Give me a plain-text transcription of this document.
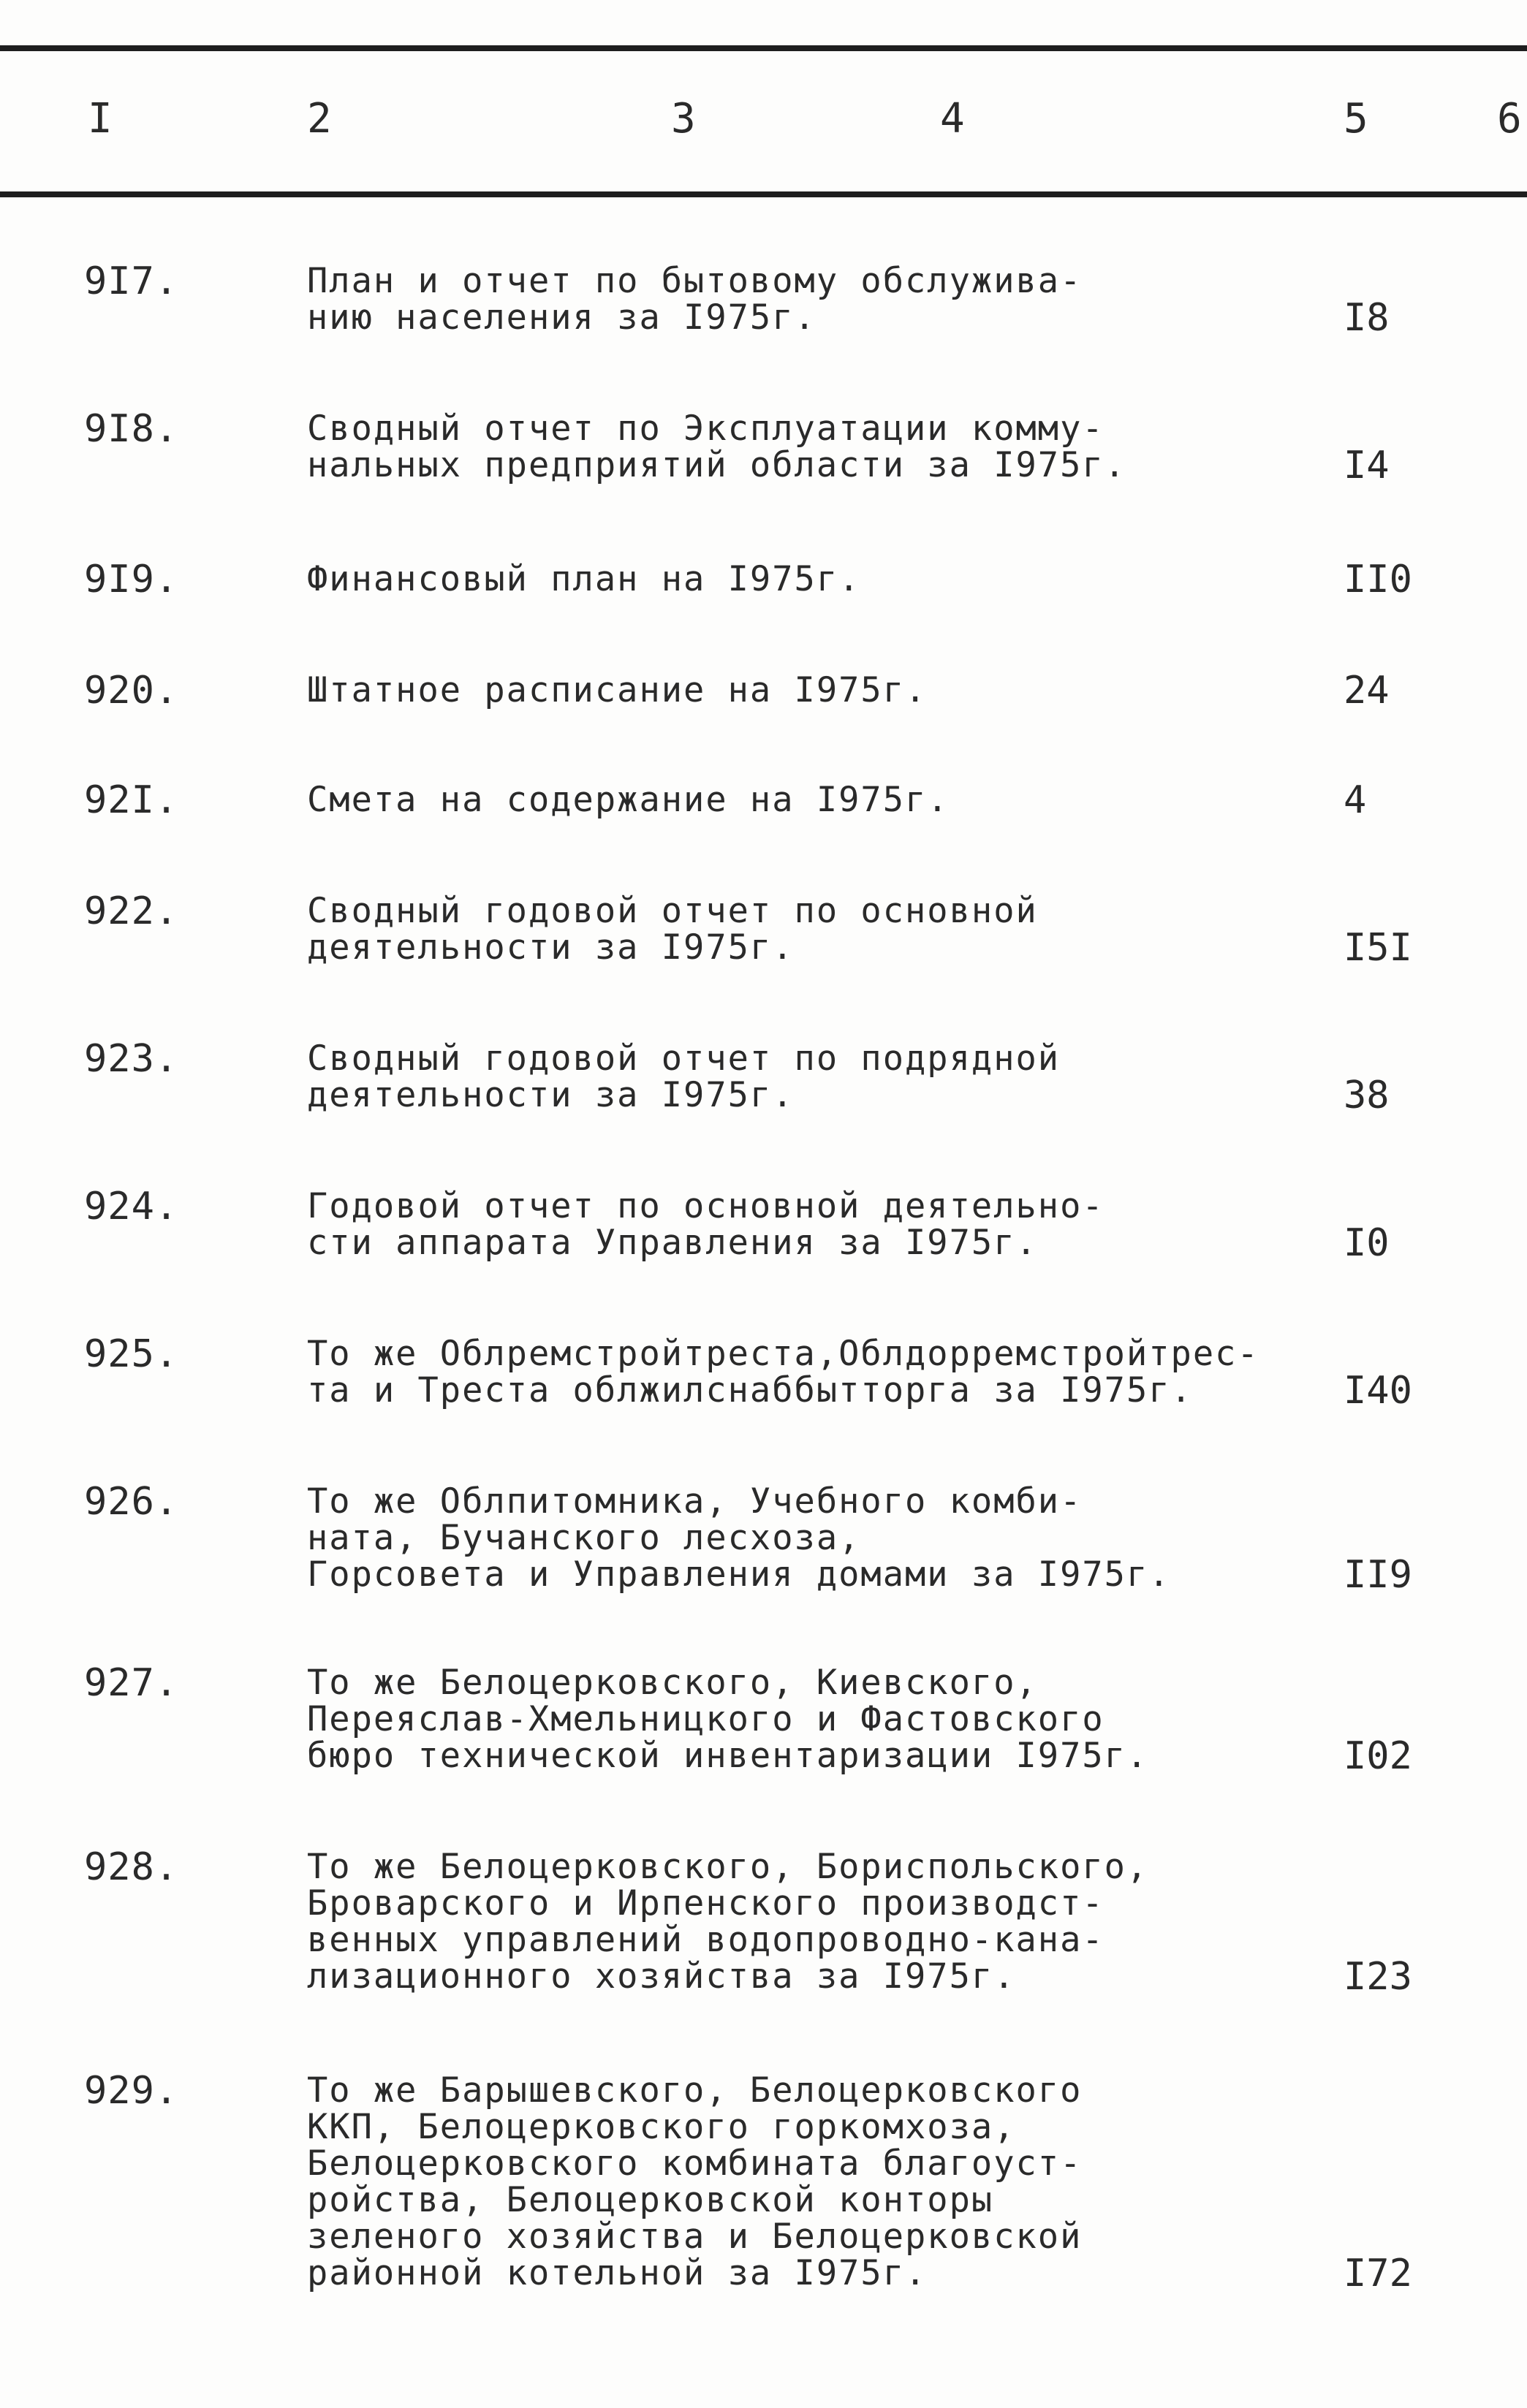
I	2	3	4	5	6
9I7.	План и отчет по бытовому обслужива-
нию населения за I975г.	I8
9I8.	Сводный отчет по Эксплуатации комму-
нальных предприятий области за I975г.	I4
9I9.	Финансовый план на I975г.	II0
920.	Штатное расписание на I975г.	24
92I.	Смета на содержание на I975г.	4
922.	Сводный годовой отчет по основной
деятельности за I975г.	I5I
923.	Сводный годовой отчет по подрядной
деятельности за I975г.	38
924.	Годовой отчет по основной деятельно-
сти аппарата Управления за I975г.	I0
925.	То же Облремстройтреста,Облдорремстройтрес-
та и Треста облжилснаббытторга за I975г.	I40
926.	То же Облпитомника, Учебного комби-
ната, Бучанского лесхоза,
Горсовета и Управления домами за I975г.	II9
927.	То же Белоцерковского, Киевского,
Переяслав-Хмельницкого и Фастовского
бюро технической инвентаризации I975г.	I02
928.	То же Белоцерковского, Бориспольского,
Броварского и Ирпенского производст-
венных управлений водопроводно-кана-
лизационного хозяйства за I975г.	I23
929.	То же Барышевского, Белоцерковского
ККП, Белоцерковского горкомхоза,
Белоцерковского комбината благоуст-
ройства, Белоцерковской конторы
зеленого хозяйства и Белоцерковской
районной котельной за I975г.	I72
